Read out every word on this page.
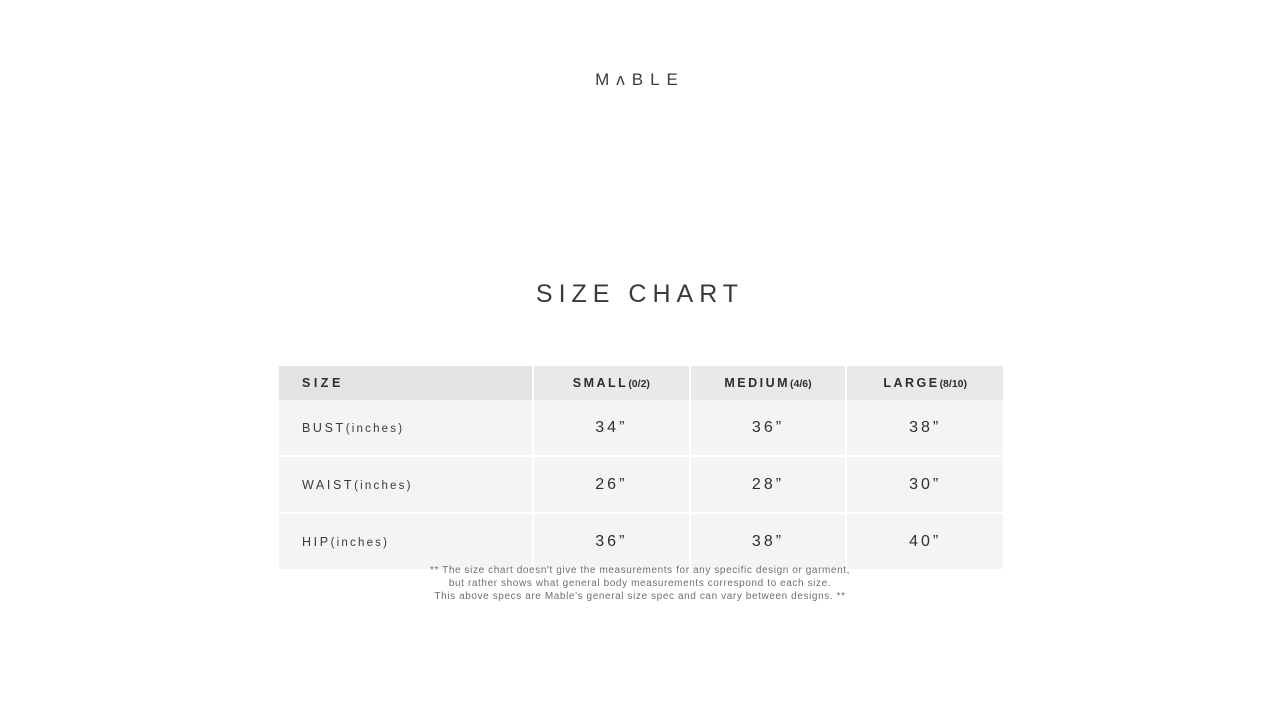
MʌBLE
SIZE CHART
SIZE	SMALL(0/2)	MEDIUM(4/6)	LARGE(8/10)
BUST(inches)	34”	36”	38”
WAIST(inches)	26”	28”	30”
HIP(inches)	36”	38”	40”
** The size chart doesn't give the measurements for any specific design or garment,
but rather shows what general body measurements correspond to each size.
This above specs are Mable's general size spec and can vary between designs. **
